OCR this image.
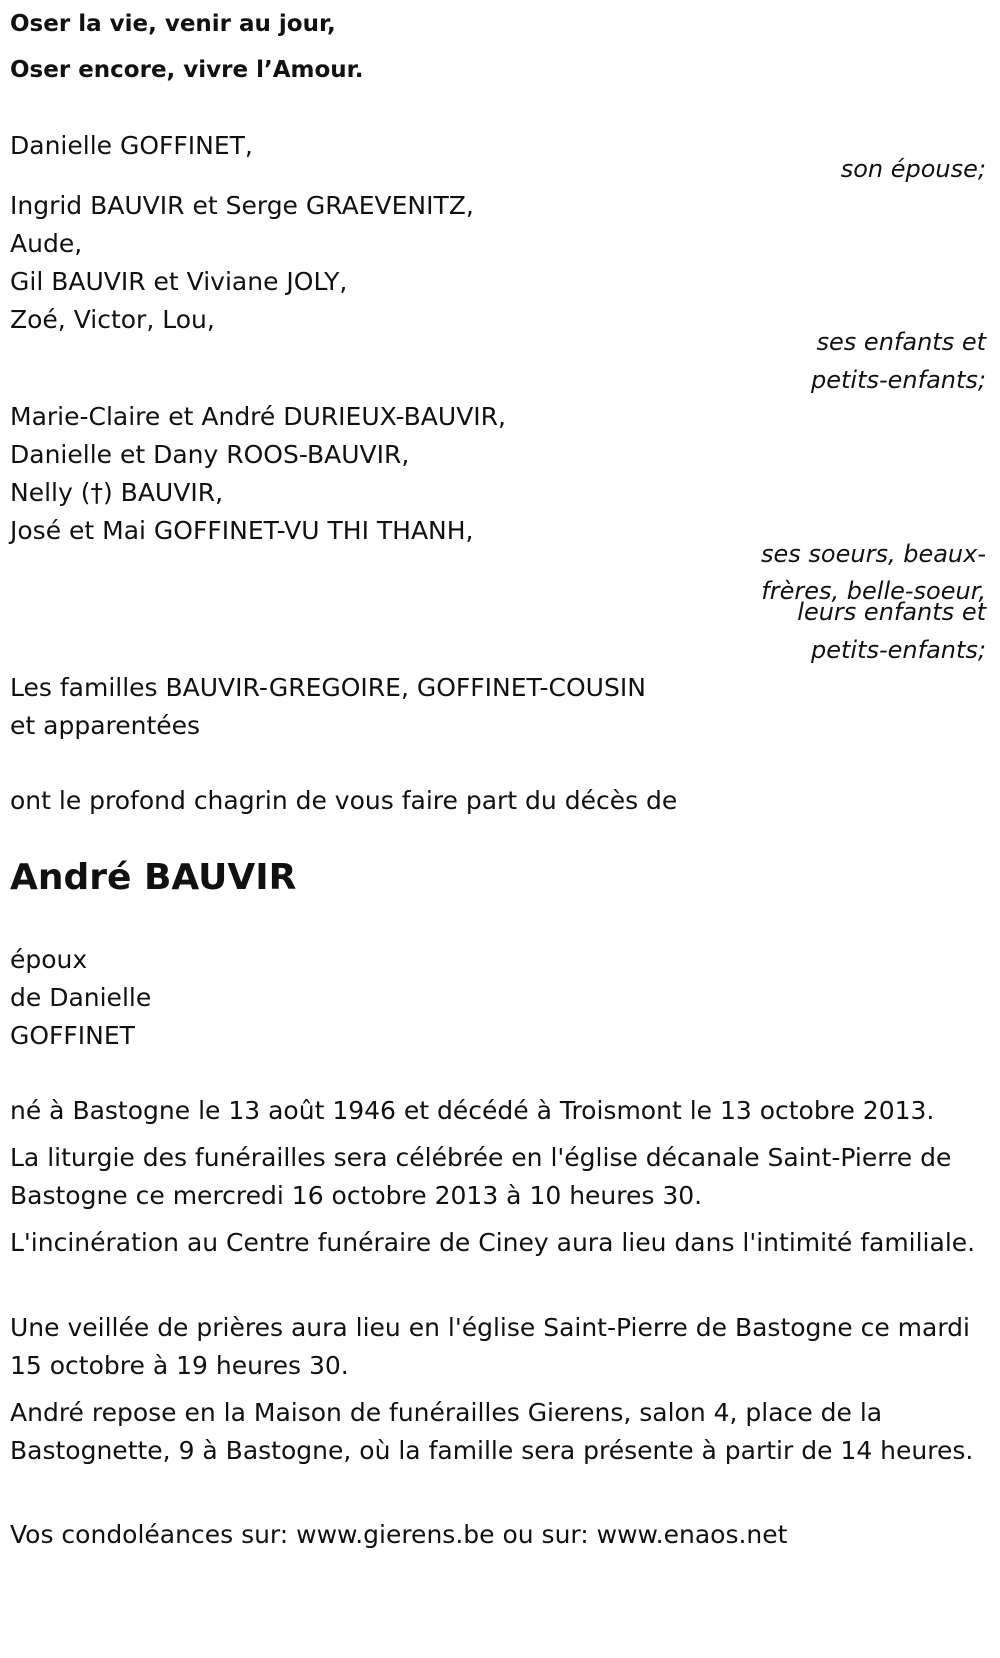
Oser la vie, venir au jour,

Oser encore, vivre l’Amour.

Danielle GOFFINET,

son épouse;

Ingrid BAUVIR et Serge GRAEVENITZ,

Aude,

Gil BAUVIR et Viviane JOLY,

Zoé, Victor, Lou,

ses enfants et

petits-enfants;

Marie-Claire et André DURIEUX-BAUVIR,

Danielle et Dany ROOS-BAUVIR,

Nelly (†) BAUVIR,

José et Mai GOFFINET-VU THI THANH,

ses soeurs, beaux-

frères, belle-soeur,

leurs enfants et

petits-enfants;

Les familles BAUVIR-GREGOIRE, GOFFINET-COUSIN

et apparentées

ont le profond chagrin de vous faire part du décès de

André BAUVIR

époux

de Danielle

GOFFINET

né à Bastogne le 13 août 1946 et décédé à Troismont le 13 octobre 2013.

La liturgie des funérailles sera célébrée en l'église décanale Saint-Pierre de Bastogne ce mercredi 16 octobre 2013 à 10 heures 30.

L'incinération au Centre funéraire de Ciney aura lieu dans l'intimité familiale.

Une veillée de prières aura lieu en l'église Saint-Pierre de Bastogne ce mardi 15 octobre à 19 heures 30.

André repose en la Maison de funérailles Gierens, salon 4, place de la Bastognette, 9 à Bastogne, où la famille sera présente à partir de 14 heures.

Vos condoléances sur: www.gierens.be ou sur: www.enaos.net
